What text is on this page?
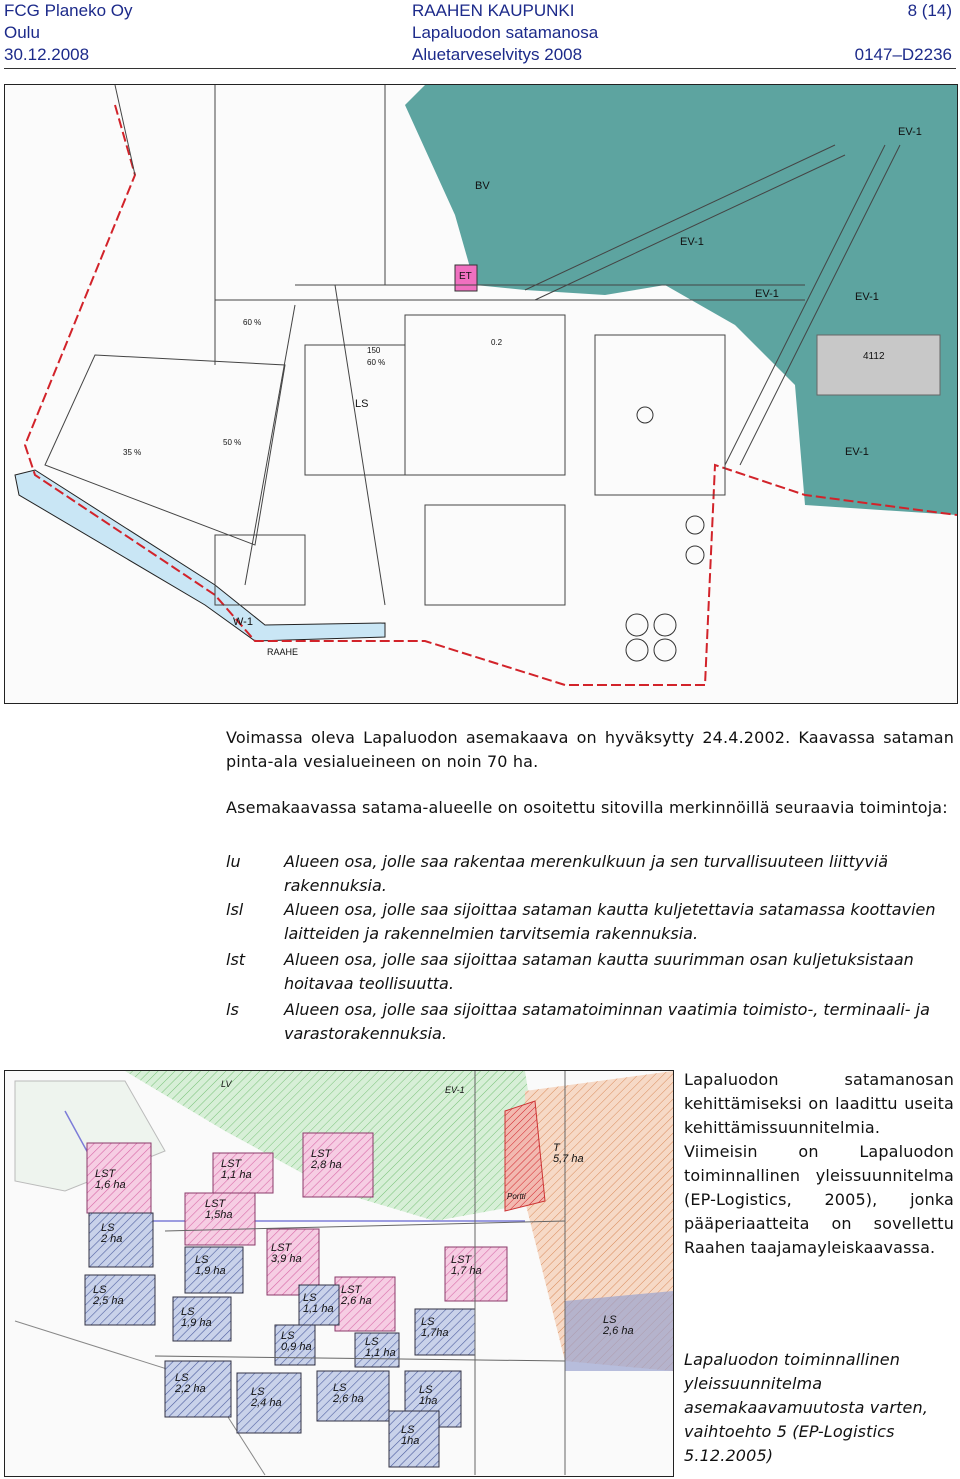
FCG Planeko Oy
Oulu
30.12.2008
RAAHEN KAUPUNKI
Lapaluodon satamanosa
Aluetarveselvitys 2008
8 (14)
0147–D2236
EV-1
EV-1
EV-1	EV-1
EV-1
BV
ET
LS
W-1
RAAHE
4112
150
60 %
60 %
50 %
35 %
0.2
Voimassa oleva Lapaluodon asemakaava on hyväksytty 24.4.2002. Kaavassa sataman pinta-ala vesialueineen on noin 70 ha.
Asemakaavassa satama-alueelle on osoitettu sitovilla merkinnöillä seuraavia toimintoja:
lu	Alueen osa, jolle saa rakentaa merenkulkuun ja sen turvallisuuteen liittyviä rakennuksia.
lsl	Alueen osa, jolle saa sijoittaa sataman kautta kuljetettavia satamassa koottavien laitteiden ja rakennelmien tarvitsemia rakennuksia.
lst Alueen osa, jolle saa sijoittaa sataman kautta suurimman osan kuljetuksistaan hoitavaa teollisuutta.
ls	Alueen osa, jolle saa sijoittaa satamatoiminnan vaatimia toimisto-, terminaali- ja varastorakennuksia.
LST 1,6 ha
LST 1,1 ha
LST 2,8 ha
LST 1,5ha
LS 2 ha
LS 1,9 ha
LST 3,9 ha
LS 2,5 ha
LS 1,9 ha
LS 1,1 ha
LST 2,6 ha
LST 1,7 ha
LS 1,1 ha
LS 1,7ha
LS 0,9 ha
LS 2,2 ha	LS 2,4 ha
LS 2,6 ha
LS 1ha
LS 1ha
LS 2,6 ha
T 5,7 ha
LV
EV-1
Portti
Lapaluodon satamanosan kehittämiseksi on laadittu useita kehittämissuunnitelmia. Viimeisin on Lapaluodon toiminnallinen yleissuunnitelma (EP-Logistics, 2005), jonka pääperiaatteita on sovellettu Raahen taajamayleiskaavassa.
Lapaluodon toiminnallinen yleissuunnitelma asemakaavamuutosta varten, vaihtoehto 5 (EP-Logistics 5.12.2005)
